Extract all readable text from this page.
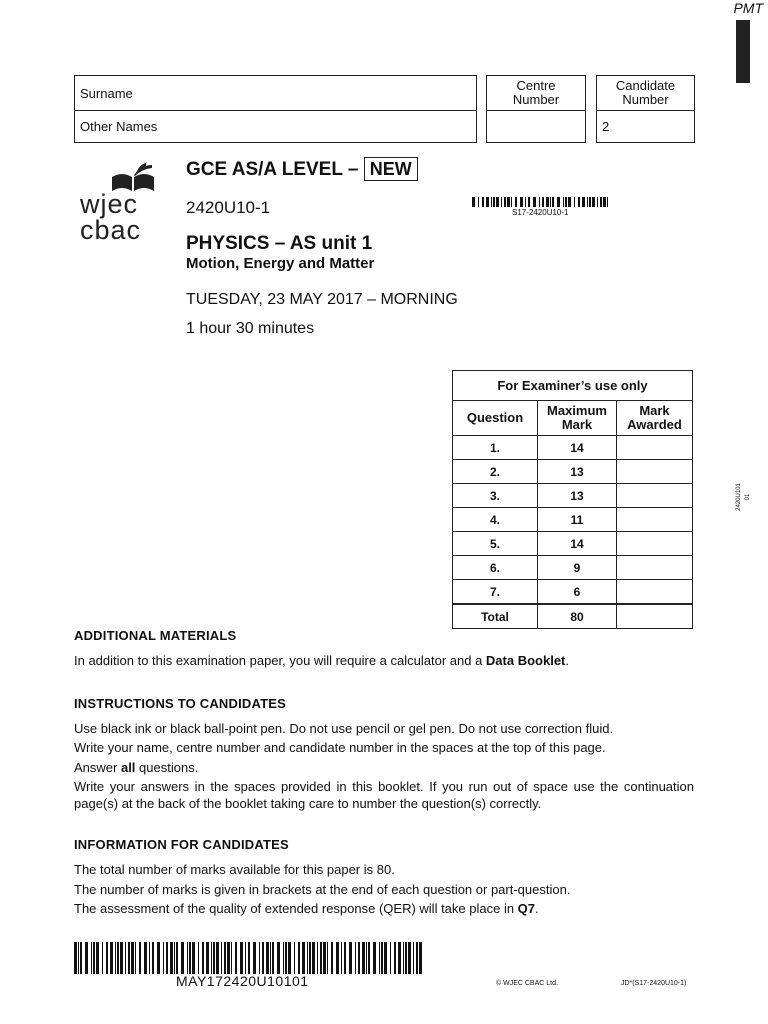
PMT
Surname
Other Names
Centre Number
Candidate Number
2
wjec
cbac
GCE AS/A LEVEL – NEW
2420U10-1	S17-2420U10-1
PHYSICS – AS unit 1
Motion, Energy and Matter
TUESDAY, 23 MAY 2017 – MORNING
1 hour 30 minutes
For Examiner’s use only		
Question	Maximum Mark	Mark Awarded
1.	14	
2.	13	
3.	13	
4.	11	
5.	14	
6.	9	
7.	6	
Total	80	
2420U101 01
ADDITIONAL MATERIALS
In addition to this examination paper, you will require a calculator and a Data Booklet.
INSTRUCTIONS TO CANDIDATES
Use black ink or black ball-point pen. Do not use pencil or gel pen. Do not use correction fluid.
Write your name, centre number and candidate number in the spaces at the top of this page.
Answer all questions.
Write your answers in the spaces provided in this booklet. If you run out of space use the continuation page(s) at the back of the booklet taking care to number the question(s) correctly.
INFORMATION FOR CANDIDATES
The total number of marks available for this paper is 80.
The number of marks is given in brackets at the end of each question or part-question.
The assessment of the quality of extended response (QER) will take place in Q7.
MAY172420U10101	© WJEC CBAC Ltd.	JD*(S17-2420U10-1)
